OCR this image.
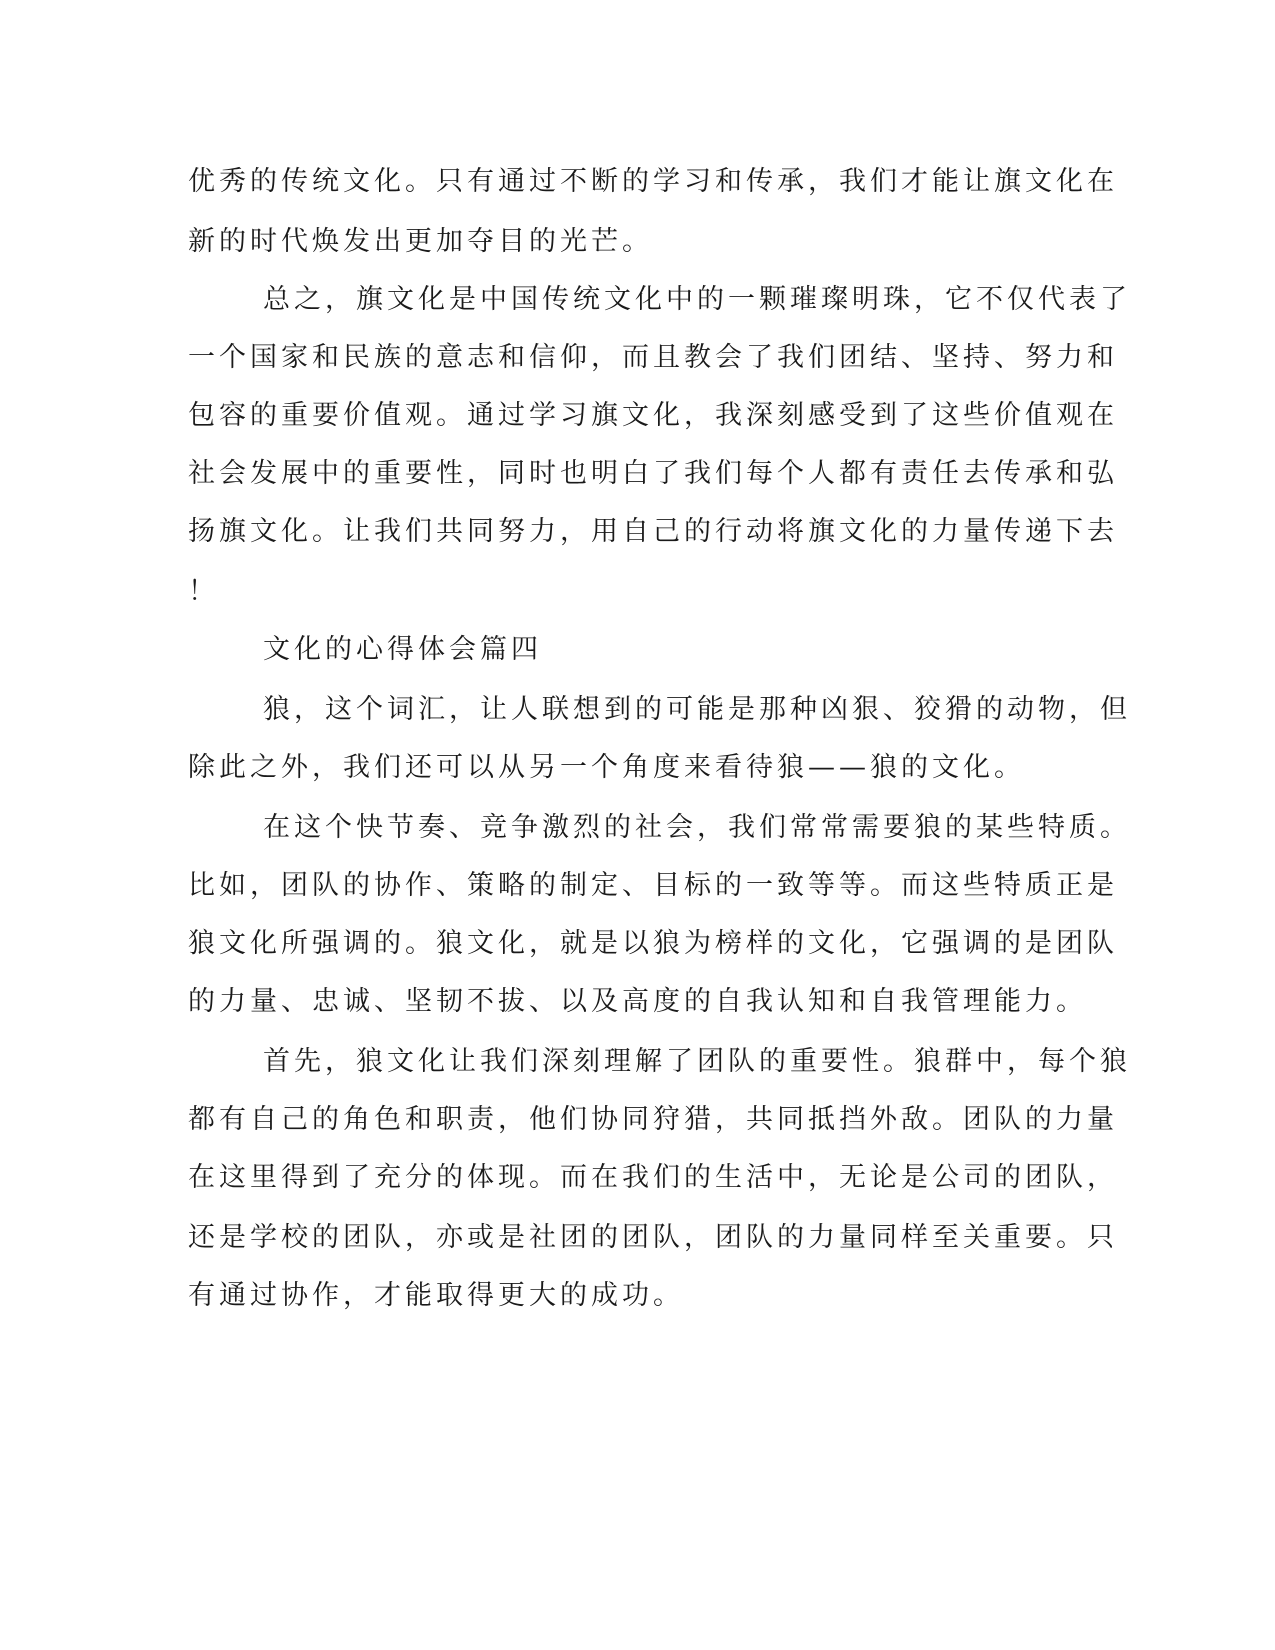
优秀的传统文化。只有通过不断的学习和传承，我们才能让旗文化在
新的时代焕发出更加夺目的光芒。
总之，旗文化是中国传统文化中的一颗璀璨明珠，它不仅代表了
一个国家和民族的意志和信仰，而且教会了我们团结、坚持、努力和
包容的重要价值观。通过学习旗文化，我深刻感受到了这些价值观在
社会发展中的重要性，同时也明白了我们每个人都有责任去传承和弘
扬旗文化。让我们共同努力，用自己的行动将旗文化的力量传递下去
！
文化的心得体会篇四
狼，这个词汇，让人联想到的可能是那种凶狠、狡猾的动物，但
除此之外，我们还可以从另一个角度来看待狼——狼的文化。
在这个快节奏、竞争激烈的社会，我们常常需要狼的某些特质。
比如，团队的协作、策略的制定、目标的一致等等。而这些特质正是
狼文化所强调的。狼文化，就是以狼为榜样的文化，它强调的是团队
的力量、忠诚、坚韧不拔、以及高度的自我认知和自我管理能力。
首先，狼文化让我们深刻理解了团队的重要性。狼群中，每个狼
都有自己的角色和职责，他们协同狩猎，共同抵挡外敌。团队的力量
在这里得到了充分的体现。而在我们的生活中，无论是公司的团队，
还是学校的团队，亦或是社团的团队，团队的力量同样至关重要。只
有通过协作，才能取得更大的成功。
